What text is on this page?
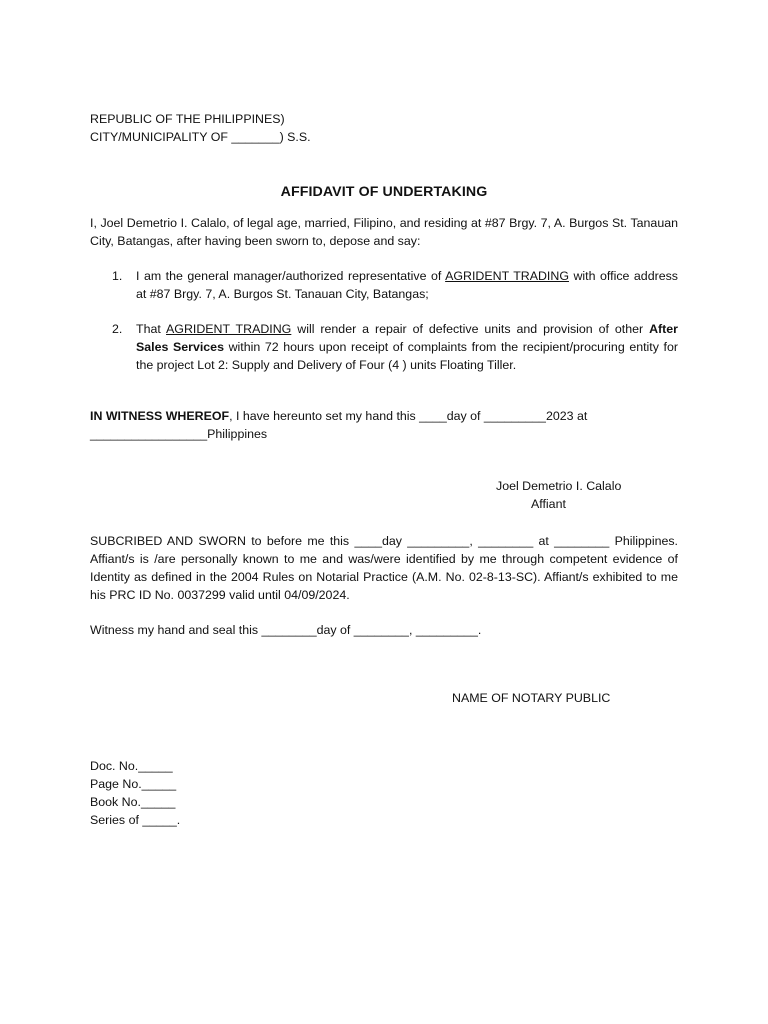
REPUBLIC OF THE PHILIPPINES)
CITY/MUNICIPALITY OF _______) S.S.
AFFIDAVIT OF UNDERTAKING

I, Joel Demetrio I. Calalo, of legal age, married, Filipino, and residing at #87 Brgy. 7, A. Burgos St. Tanauan City, Batangas, after having been sworn to, depose and say:

1. I am the general manager/authorized representative of AGRIDENT TRADING with office address at #87 Brgy. 7, A. Burgos St. Tanauan City, Batangas;
2. That AGRIDENT TRADING will render a repair of defective units and provision of other After Sales Services within 72 hours upon receipt of complaints from the recipient/procuring entity for the project Lot 2: Supply and Delivery of Four (4 ) units Floating Tiller.
IN WITNESS WHEREOF, I have hereunto set my hand this ____day of _________2023 at
_________________Philippines
Joel Demetrio I. Calalo
Affiant

SUBCRIBED AND SWORN to before me this ____day _________, ________ at ________ Philippines. Affiant/s is /are personally known to me and was/were identified by me through competent evidence of Identity as defined in the 2004 Rules on Notarial Practice (A.M. No. 02-8-13-SC). Affiant/s exhibited to me his PRC ID No. 0037299 valid until 04/09/2024.

Witness my hand and seal this ________day of ________, _________.
NAME OF NOTARY PUBLIC
Doc. No._____
Page No._____
Book No._____
Series of _____.
